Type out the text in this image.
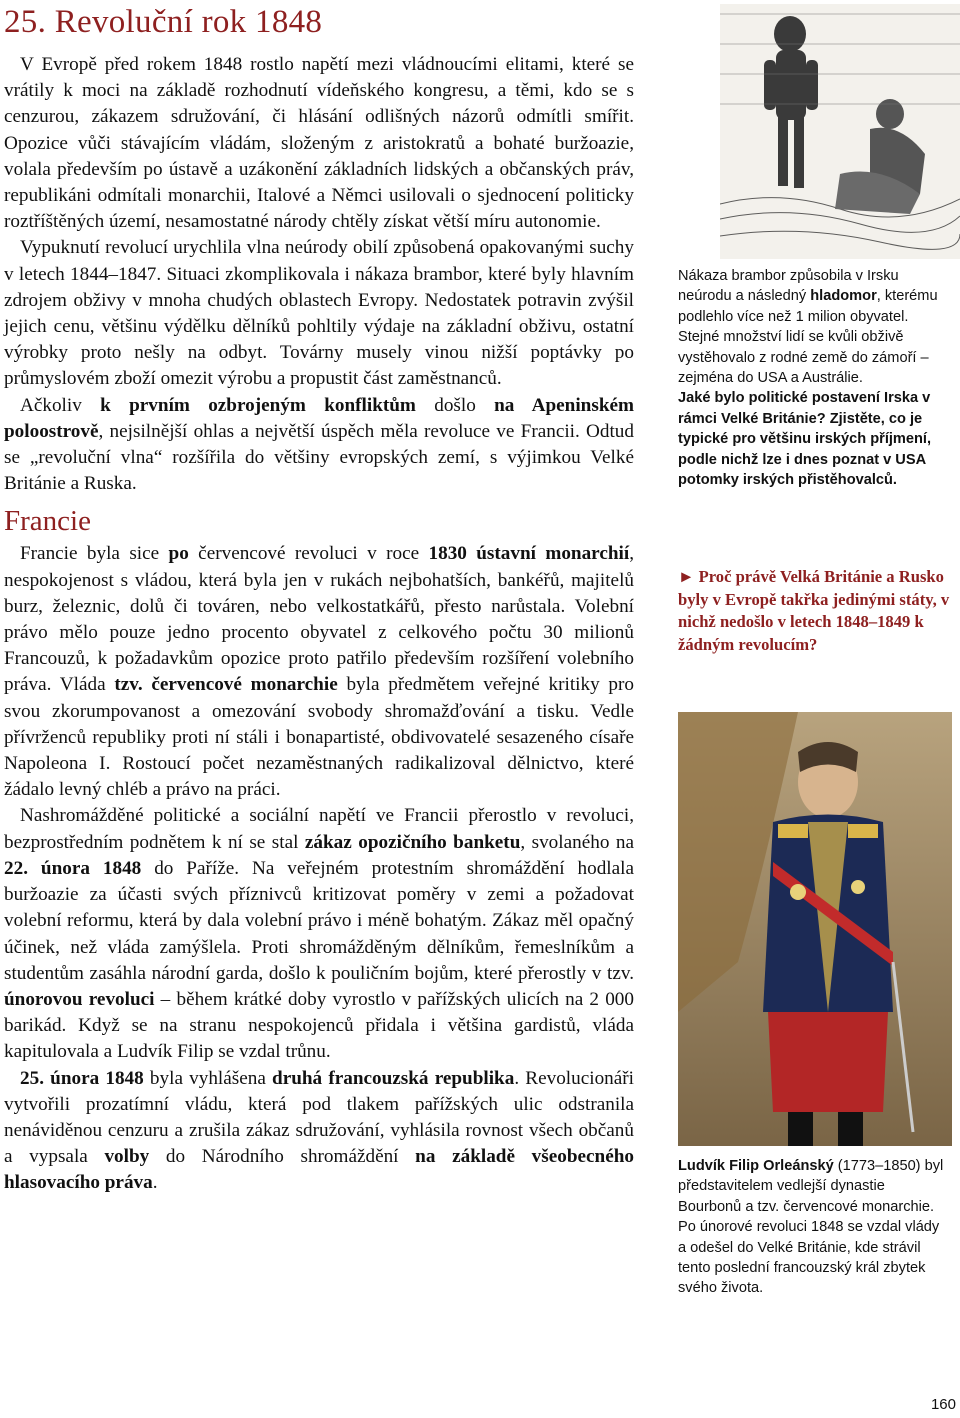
25. Revoluční rok 1848

V Evropě před rokem 1848 rostlo napětí mezi vládnoucími elitami, které se vrátily k moci na základě rozhodnutí vídeňského kongresu, a těmi, kdo se s cenzurou, zákazem sdružování, či hlásání odlišných názorů odmítli smířit. Opozice vůči stávajícím vládám, složeným z aristokratů a bohaté buržoazie, volala především po ústavě a uzákonění základních lidských a občanských práv, republikáni odmítali monarchii, Italové a Němci usilovali o sjednocení politicky roztříštěných území, nesamostatné národy chtěly získat větší míru autonomie.

Vypuknutí revolucí urychlila vlna neúrody obilí způsobená opakovanými suchy v letech 1844–1847. Situaci zkomplikovala i nákaza brambor, které byly hlavním zdrojem obživy v mnoha chudých oblastech Evropy. Nedostatek potravin zvýšil jejich cenu, většinu výdělku dělníků pohltily výdaje na základní obživu, ostatní výrobky proto nešly na odbyt. Továrny musely vinou nižší poptávky po průmyslovém zboží omezit výrobu a propustit část zaměstnanců.

Ačkoliv k prvním ozbrojeným konfliktům došlo na Apeninském poloostrově, nejsilnější ohlas a největší úspěch měla revoluce ve Francii. Odtud se „revoluční vlna“ rozšířila do většiny evropských zemí, s výjimkou Velké Británie a Ruska.

Francie

Francie byla sice po červencové revoluci v roce 1830 ústavní monarchií, nespokojenost s vládou, která byla jen v rukách nejbohatších, bankéřů, majitelů burz, železnic, dolů či továren, nebo velkostatkářů, přesto narůstala. Volební právo mělo pouze jedno procento obyvatel z celkového počtu 30 milionů Francouzů, k požadavkům opozice proto patřilo především rozšíření volebního práva. Vláda tzv. červencové monarchie byla předmětem veřejné kritiky pro svou zkorumpovanost a omezování svobody shromažďování a tisku. Vedle přívrženců republiky proti ní stáli i bonapartisté, obdivovatelé sesazeného císaře Napoleona I. Rostoucí počet nezaměstnaných radikalizoval dělnictvo, které žádalo levný chléb a právo na práci.

Nashromážděné politické a sociální napětí ve Francii přerostlo v revoluci, bezprostředním podnětem k ní se stal zákaz opozičního banketu, svolaného na 22. února 1848 do Paříže. Na veřejném protestním shromáždění hodlala buržoazie za účasti svých příznivců kritizovat poměry v zemi a požadovat volební reformu, která by dala volební právo i méně bohatým. Zákaz měl opačný účinek, než vláda zamýšlela. Proti shromážděným dělníkům, řemeslníkům a studentům zasáhla národní garda, došlo k pouličním bojům, které přerostly v tzv. únorovou revoluci – během krátké doby vyrostlo v pařížských ulicích na 2 000 barikád. Když se na stranu nespokojenců přidala i většina gardistů, vláda kapitulovala a Ludvík Filip se vzdal trůnu.

25. února 1848 byla vyhlášena druhá francouzská republika. Revolucionáři vytvořili prozatímní vládu, která pod tlakem pařížských ulic odstranila nenáviděnou cenzuru a zrušila zákaz sdružování, vyhlásila rovnost všech občanů a vypsala volby do Národního shromáždění na základě všeobecného hlasovacího práva.

Nákaza brambor způsobila v Irsku neúrodu a následný hladomor, kterému podlehlo více než 1 milion obyvatel. Stejné množství lidí se kvůli obživě vystěhovalo z rodné země do zámoří – zejména do USA a Austrálie.

Jaké bylo politické postavení Irska v rámci Velké Británie? Zjistěte, co je typické pro většinu irských příjmení, podle nichž lze i dnes poznat v USA potomky irských přistěhovalců.

► Proč právě Velká Británie a Rusko byly v Evropě takřka jedinými státy, v nichž nedošlo v letech 1848–1849 k žádným revolucím?

Ludvík Filip Orleánský (1773–1850) byl představitelem vedlejší dynastie Bourbonů a tzv. červencové monarchie.

Po únorové revoluci 1848 se vzdal vlády a odešel do Velké Británie, kde strávil tento poslední francouzský král zbytek svého života.

160
